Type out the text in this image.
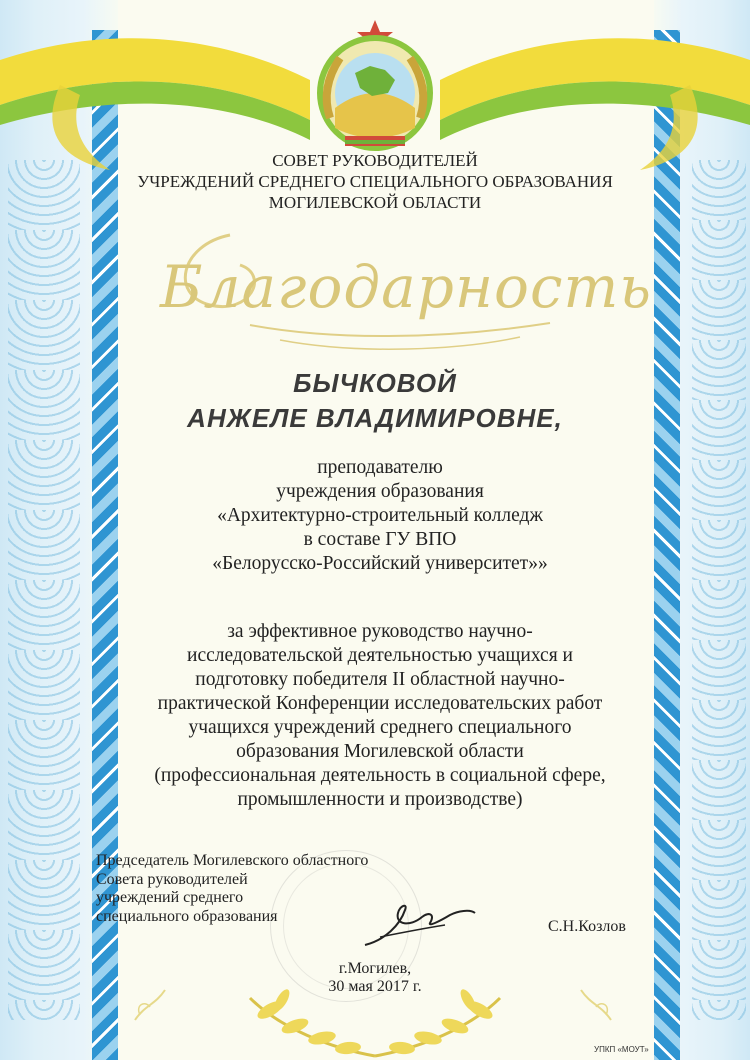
СОВЕТ РУКОВОДИТЕЛЕЙ
УЧРЕЖДЕНИЙ СРЕДНЕГО СПЕЦИАЛЬНОГО ОБРАЗОВАНИЯ
МОГИЛЕВСКОЙ ОБЛАСТИ
Благодарность
БЫЧКОВОЙ
АНЖЕЛЕ ВЛАДИМИРОВНЕ,
преподавателю
учреждения образования
«Архитектурно-строительный колледж
в составе ГУ ВПО
«Белорусско-Российский университет»»
за эффективное руководство научно-
исследовательской деятельностью учащихся и
подготовку победителя II областной научно-
практической Конференции исследовательских работ
учащихся учреждений среднего специального
образования Могилевской области
(профессиональная деятельность в социальной сфере,
промышленности и производстве)
Председатель Могилевского областного
Совета руководителей
учреждений среднего
специального образования
С.Н.Козлов
г.Могилев,
30 мая 2017 г.
УПКП «МОУТ»
